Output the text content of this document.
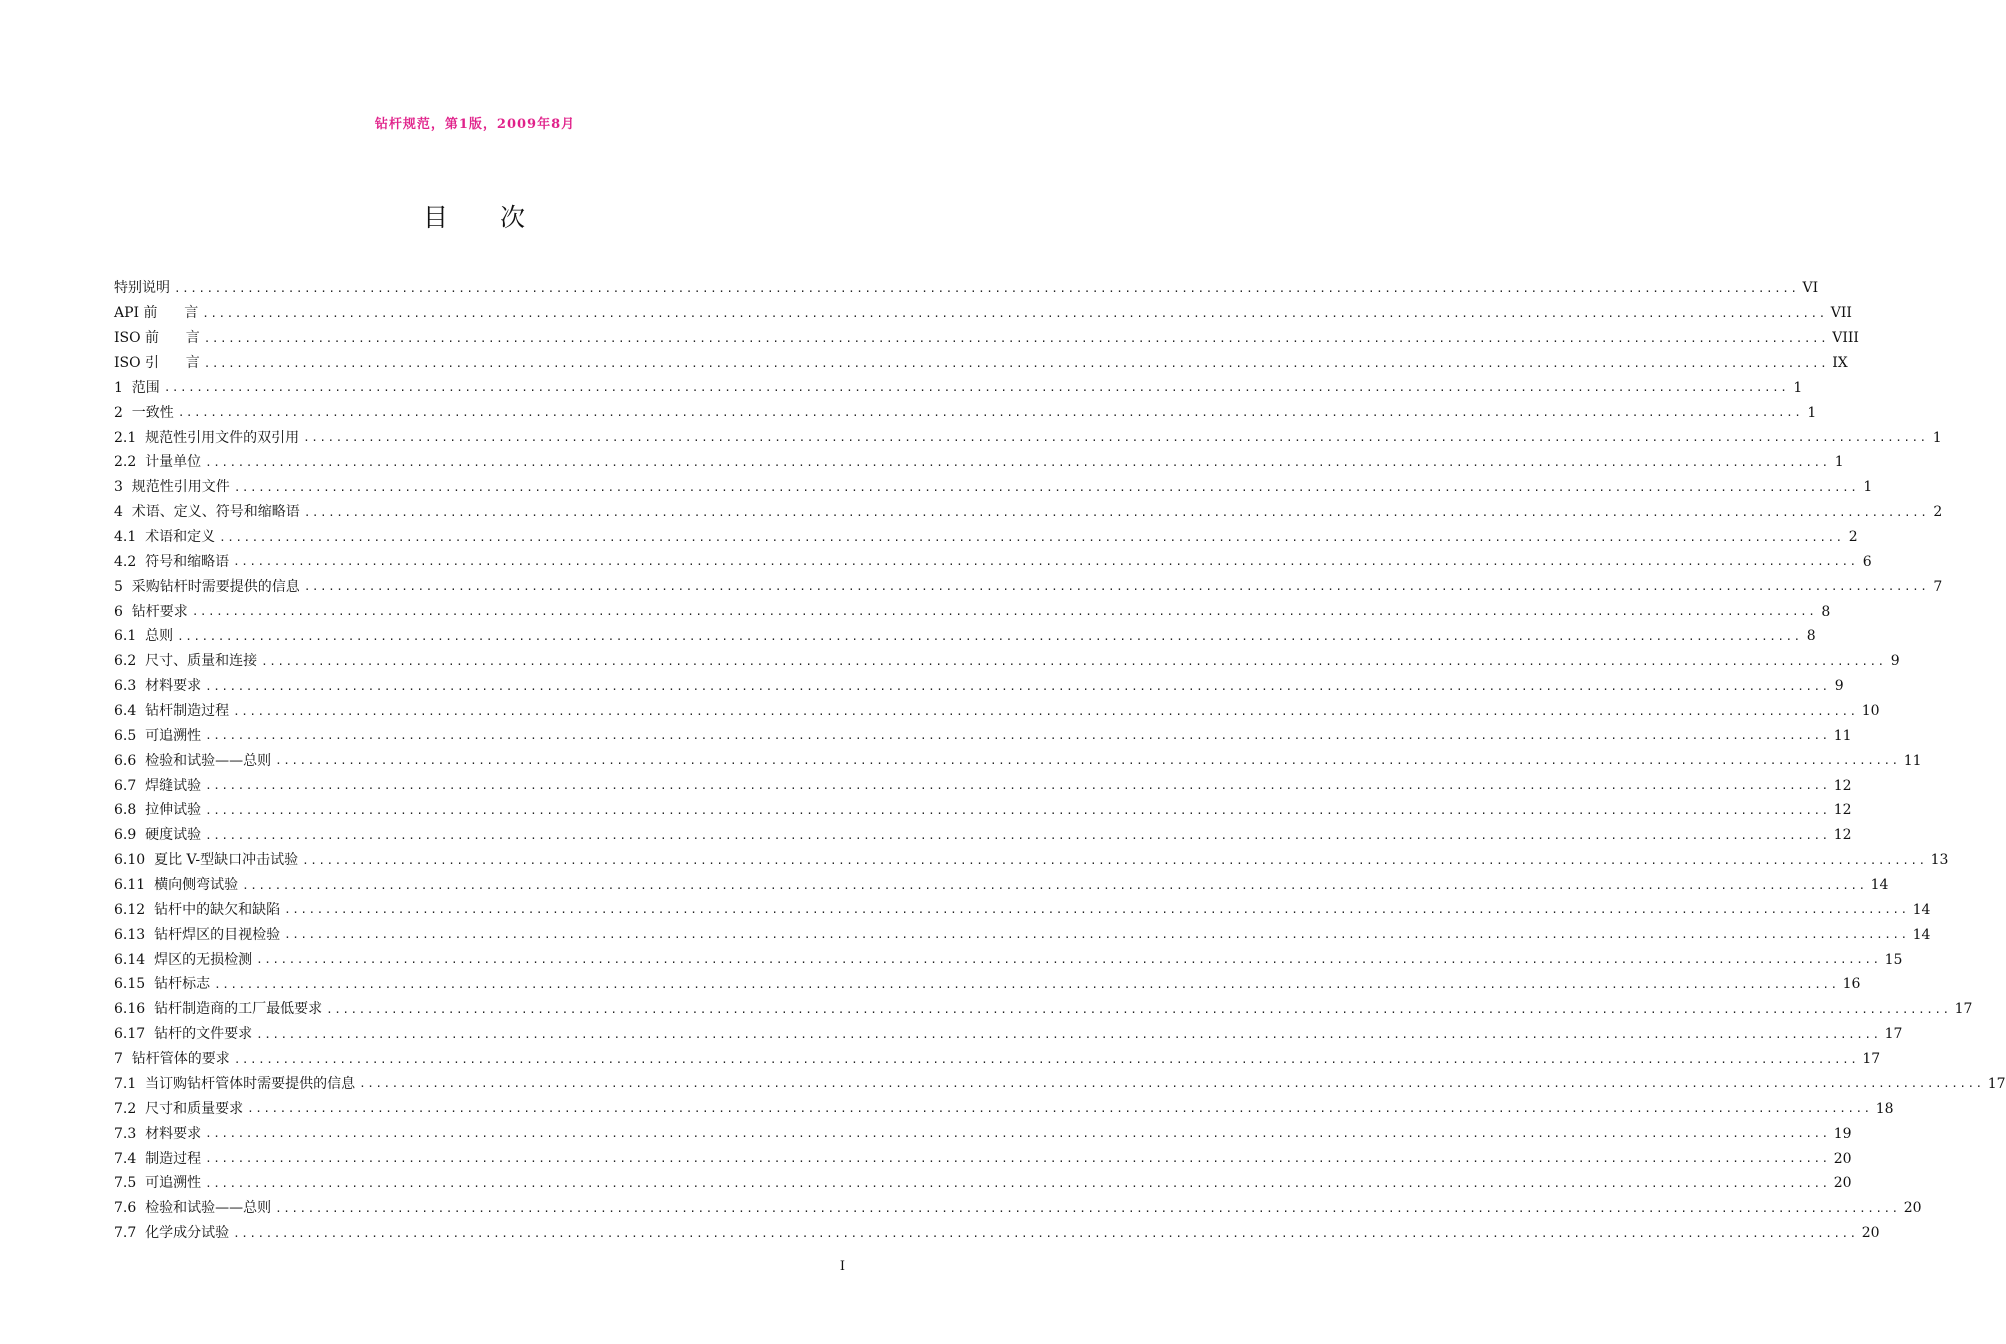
钻杆规范，第1版，2009年8月
目 次
特别说明 ........................................................................................................................................................................................................ VI
API 前      言 ........................................................................................................................................................................................................ VII
ISO 前      言 ........................................................................................................................................................................................................ VIII
ISO 引      言 ........................................................................................................................................................................................................ IX
1  范围 ........................................................................................................................................................................................................ 1
2  一致性 ........................................................................................................................................................................................................ 1
2.1  规范性引用文件的双引用 ........................................................................................................................................................................................................ 1
2.2  计量单位 ........................................................................................................................................................................................................ 1
3  规范性引用文件 ........................................................................................................................................................................................................ 1
4  术语、定义、符号和缩略语 ........................................................................................................................................................................................................ 2
4.1  术语和定义 ........................................................................................................................................................................................................ 2
4.2  符号和缩略语 ........................................................................................................................................................................................................ 6
5  采购钻杆时需要提供的信息 ........................................................................................................................................................................................................ 7
6  钻杆要求 ........................................................................................................................................................................................................ 8
6.1  总则 ........................................................................................................................................................................................................ 8
6.2  尺寸、质量和连接 ........................................................................................................................................................................................................ 9
6.3  材料要求 ........................................................................................................................................................................................................ 9
6.4  钻杆制造过程 ........................................................................................................................................................................................................ 10
6.5  可追溯性 ........................................................................................................................................................................................................ 11
6.6  检验和试验——总则 ........................................................................................................................................................................................................ 11
6.7  焊缝试验 ........................................................................................................................................................................................................ 12
6.8  拉伸试验 ........................................................................................................................................................................................................ 12
6.9  硬度试验 ........................................................................................................................................................................................................ 12
6.10  夏比 V-型缺口冲击试验 ........................................................................................................................................................................................................ 13
6.11  横向侧弯试验 ........................................................................................................................................................................................................ 14
6.12  钻杆中的缺欠和缺陷 ........................................................................................................................................................................................................ 14
6.13  钻杆焊区的目视检验 ........................................................................................................................................................................................................ 14
6.14  焊区的无损检测 ........................................................................................................................................................................................................ 15
6.15  钻杆标志 ........................................................................................................................................................................................................ 16
6.16  钻杆制造商的工厂最低要求 ........................................................................................................................................................................................................ 17
6.17  钻杆的文件要求 ........................................................................................................................................................................................................ 17
7  钻杆管体的要求 ........................................................................................................................................................................................................ 17
7.1  当订购钻杆管体时需要提供的信息 ........................................................................................................................................................................................................ 17
7.2  尺寸和质量要求 ........................................................................................................................................................................................................ 18
7.3  材料要求 ........................................................................................................................................................................................................ 19
7.4  制造过程 ........................................................................................................................................................................................................ 20
7.5  可追溯性 ........................................................................................................................................................................................................ 20
7.6  检验和试验——总则 ........................................................................................................................................................................................................ 20
7.7  化学成分试验 ........................................................................................................................................................................................................ 20
I
